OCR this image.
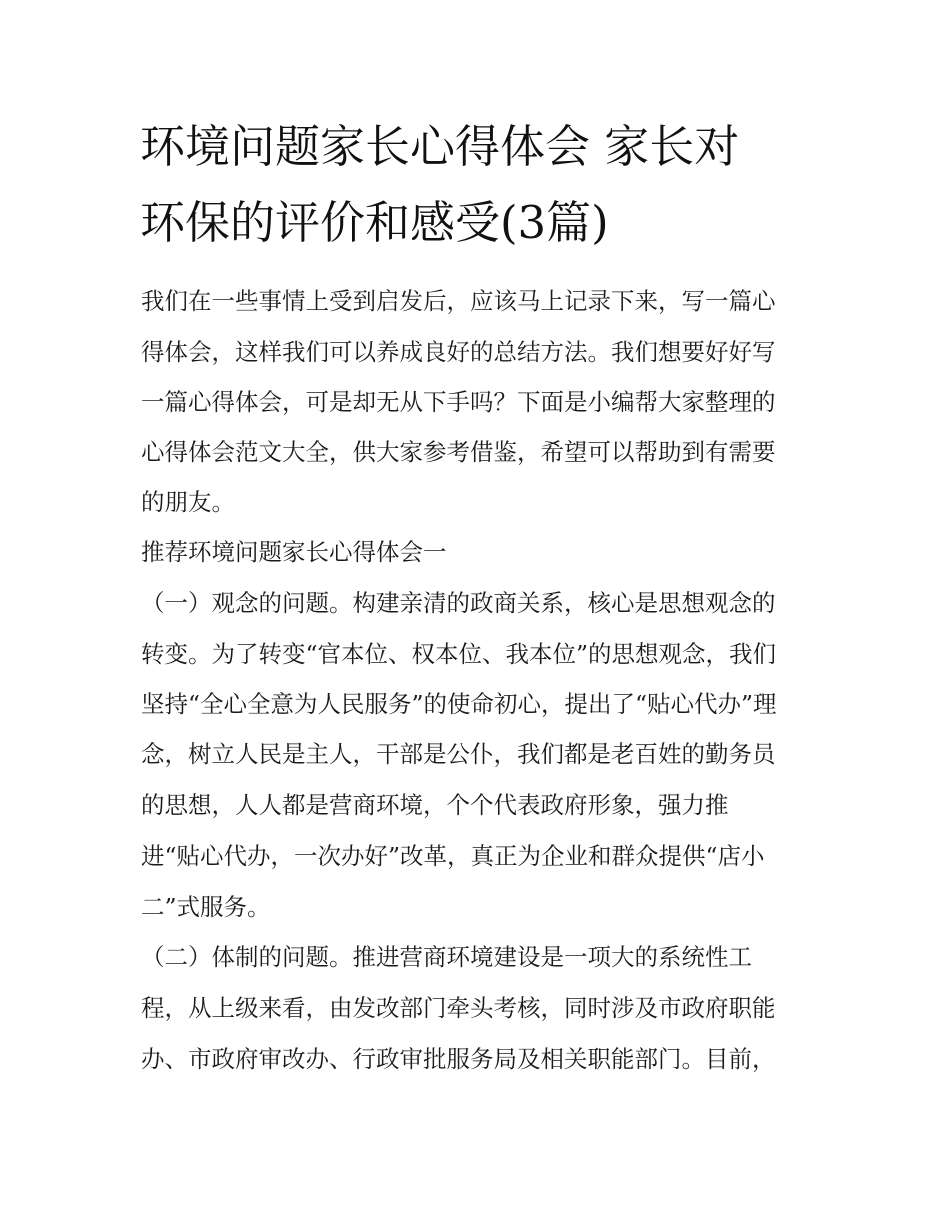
环境问题家长心得体会 家长对
环保的评价和感受(3篇)
我们在一些事情上受到启发后，应该马上记录下来，写一篇心
得体会，这样我们可以养成良好的总结方法。我们想要好好写
一篇心得体会，可是却无从下手吗？下面是小编帮大家整理的
心得体会范文大全，供大家参考借鉴，希望可以帮助到有需要
的朋友。
推荐环境问题家长心得体会一
（一）观念的问题。构建亲清的政商关系，核心是思想观念的
转变。为了转变“官本位、权本位、我本位”的思想观念，我们
坚持“全心全意为人民服务”的使命初心，提出了“贴心代办”理
念，树立人民是主人，干部是公仆，我们都是老百姓的勤务员
的思想，人人都是营商环境，个个代表政府形象，强力推
进“贴心代办，一次办好”改革，真正为企业和群众提供“店小
二”式服务。
（二）体制的问题。推进营商环境建设是一项大的系统性工
程，从上级来看，由发改部门牵头考核，同时涉及市政府职能
办、市政府审改办、行政审批服务局及相关职能部门。目前，
